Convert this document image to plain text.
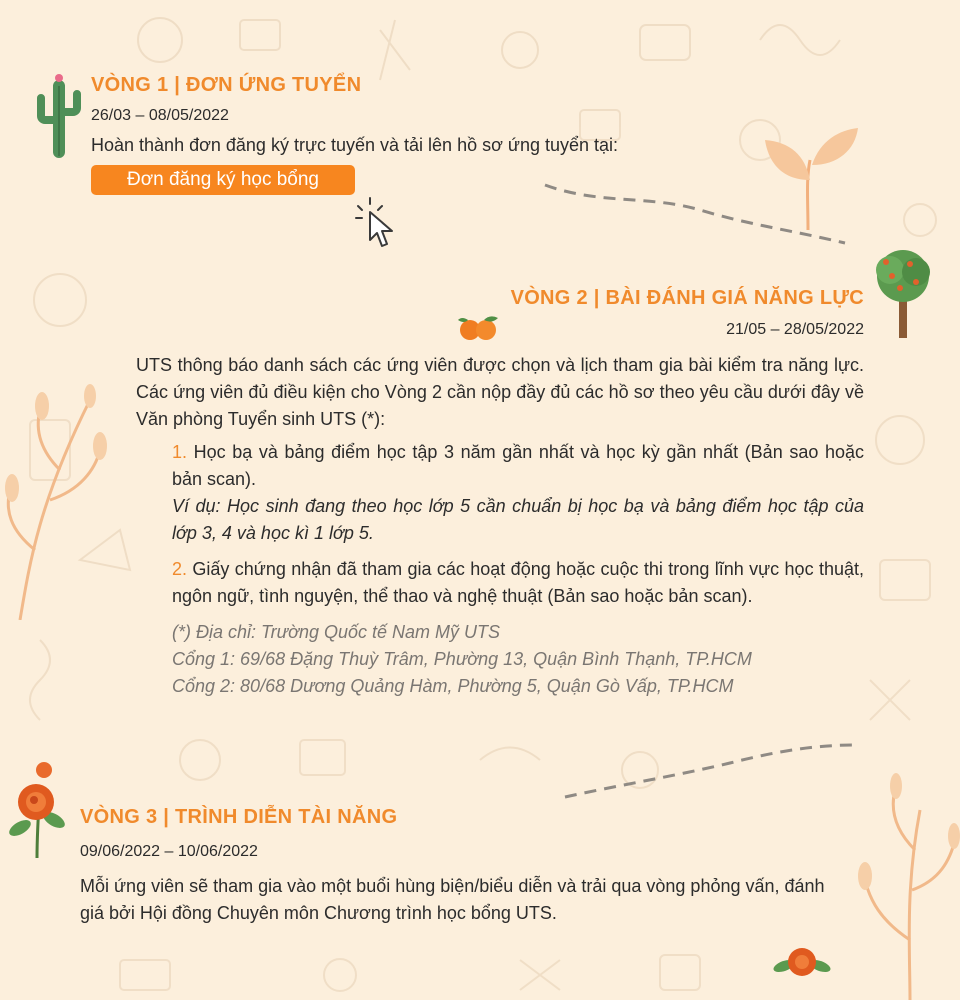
VÒNG 1 | ĐƠN ỨNG TUYỂN

26/03 – 08/05/2022

Hoàn thành đơn đăng ký trực tuyến và tải lên hồ sơ ứng tuyển tại:

Đơn đăng ký học bổng
VÒNG 2 | BÀI ĐÁNH GIÁ NĂNG LỰC

21/05 – 28/05/2022

UTS thông báo danh sách các ứng viên được chọn và lịch tham gia bài kiểm tra năng lực. Các ứng viên đủ điều kiện cho Vòng 2 cần nộp đầy đủ các hồ sơ theo yêu cầu dưới đây về Văn phòng Tuyển sinh UTS (*):

1. Học bạ và bảng điểm học tập 3 năm gần nhất và học kỳ gần nhất (Bản sao hoặc bản scan).

Ví dụ: Học sinh đang theo học lớp 5 cần chuẩn bị học bạ và bảng điểm học tập của lớp 3, 4 và học kì 1 lớp 5.

2. Giấy chứng nhận đã tham gia các hoạt động hoặc cuộc thi trong lĩnh vực học thuật, ngôn ngữ, tình nguyện, thể thao và nghệ thuật (Bản sao hoặc bản scan).

(*) Địa chỉ: Trường Quốc tế Nam Mỹ UTS

Cổng 1: 69/68 Đặng Thuỳ Trâm, Phường 13, Quận Bình Thạnh, TP.HCM

Cổng 2: 80/68 Dương Quảng Hàm, Phường 5, Quận Gò Vấp, TP.HCM

VÒNG 3 | TRÌNH DIỄN TÀI NĂNG

09/06/2022 – 10/06/2022

Mỗi ứng viên sẽ tham gia vào một buổi hùng biện/biểu diễn và trải qua vòng phỏng vấn, đánh giá bởi Hội đồng Chuyên môn Chương trình học bổng UTS.
